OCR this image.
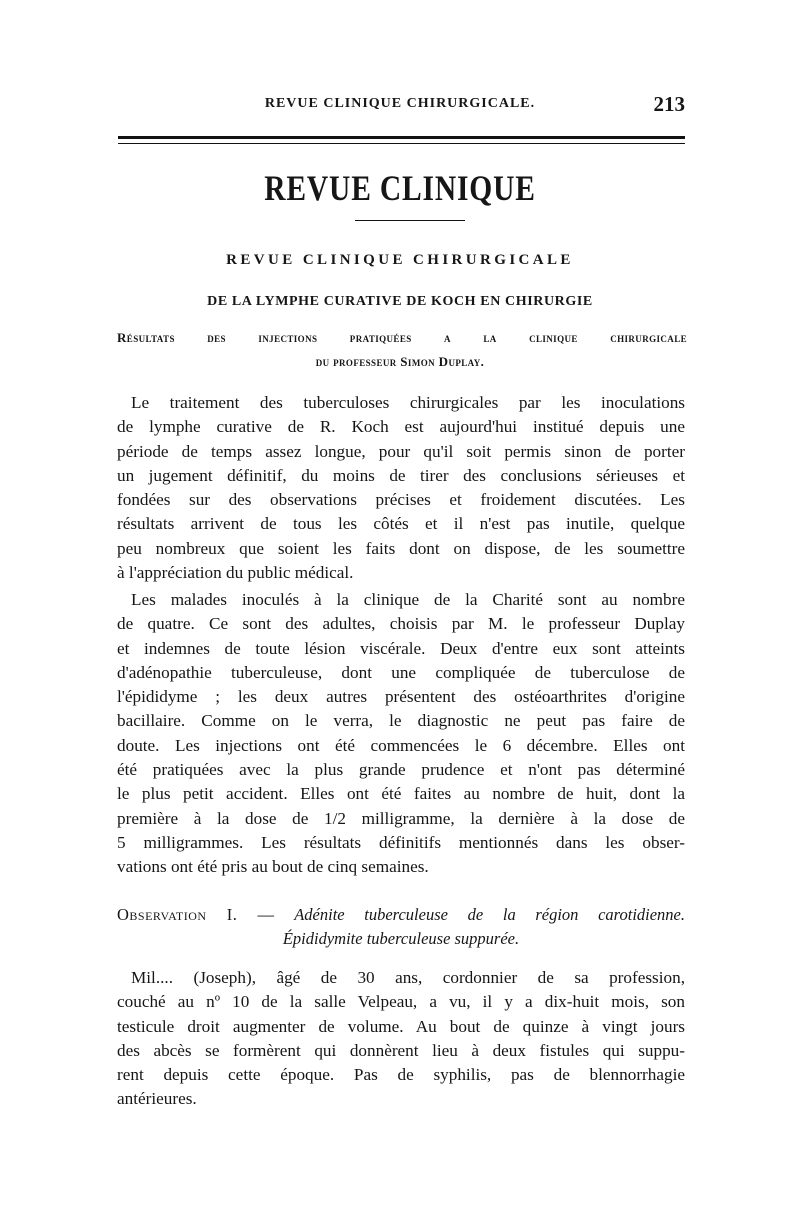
REVUE CLINIQUE CHIRURGICALE.	213
REVUE CLINIQUE
REVUE CLINIQUE CHIRURGICALE
DE LA LYMPHE CURATIVE DE KOCH EN CHIRURGIE
Résultats des injections pratiquées a la clinique chirurgicale
du professeur Simon Duplay.
Le traitement des tuberculoses chirurgicales par les inoculations
de lymphe curative de R. Koch est aujourd'hui institué depuis une
période de temps assez longue, pour qu'il soit permis sinon de porter
un jugement définitif, du moins de tirer des conclusions sérieuses et
fondées sur des observations précises et froidement discutées. Les
résultats arrivent de tous les côtés et il n'est pas inutile, quelque
peu nombreux que soient les faits dont on dispose, de les soumettre
à l'appréciation du public médical.
Les malades inoculés à la clinique de la Charité sont au nombre
de quatre. Ce sont des adultes, choisis par M. le professeur Duplay
et indemnes de toute lésion viscérale. Deux d'entre eux sont atteints
d'adénopathie tuberculeuse, dont une compliquée de tuberculose de
l'épididyme ; les deux autres présentent des ostéoarthrites d'origine
bacillaire. Comme on le verra, le diagnostic ne peut pas faire de
doute. Les injections ont été commencées le 6 décembre. Elles ont
été pratiquées avec la plus grande prudence et n'ont pas déterminé
le plus petit accident. Elles ont été faites au nombre de huit, dont la
première à la dose de 1/2 milligramme, la dernière à la dose de
5 milligrammes. Les résultats définitifs mentionnés dans les obser-
vations ont été pris au bout de cinq semaines.
Observation I. — Adénite tuberculeuse de la région carotidienne.
Épididymite tuberculeuse suppurée.
Mil.... (Joseph), âgé de 30 ans, cordonnier de sa profession,
couché au nº 10 de la salle Velpeau, a vu, il y a dix-huit mois, son
testicule droit augmenter de volume. Au bout de quinze à vingt jours
des abcès se formèrent qui donnèrent lieu à deux fistules qui suppu-
rent depuis cette époque. Pas de syphilis, pas de blennorrhagie
antérieures.
